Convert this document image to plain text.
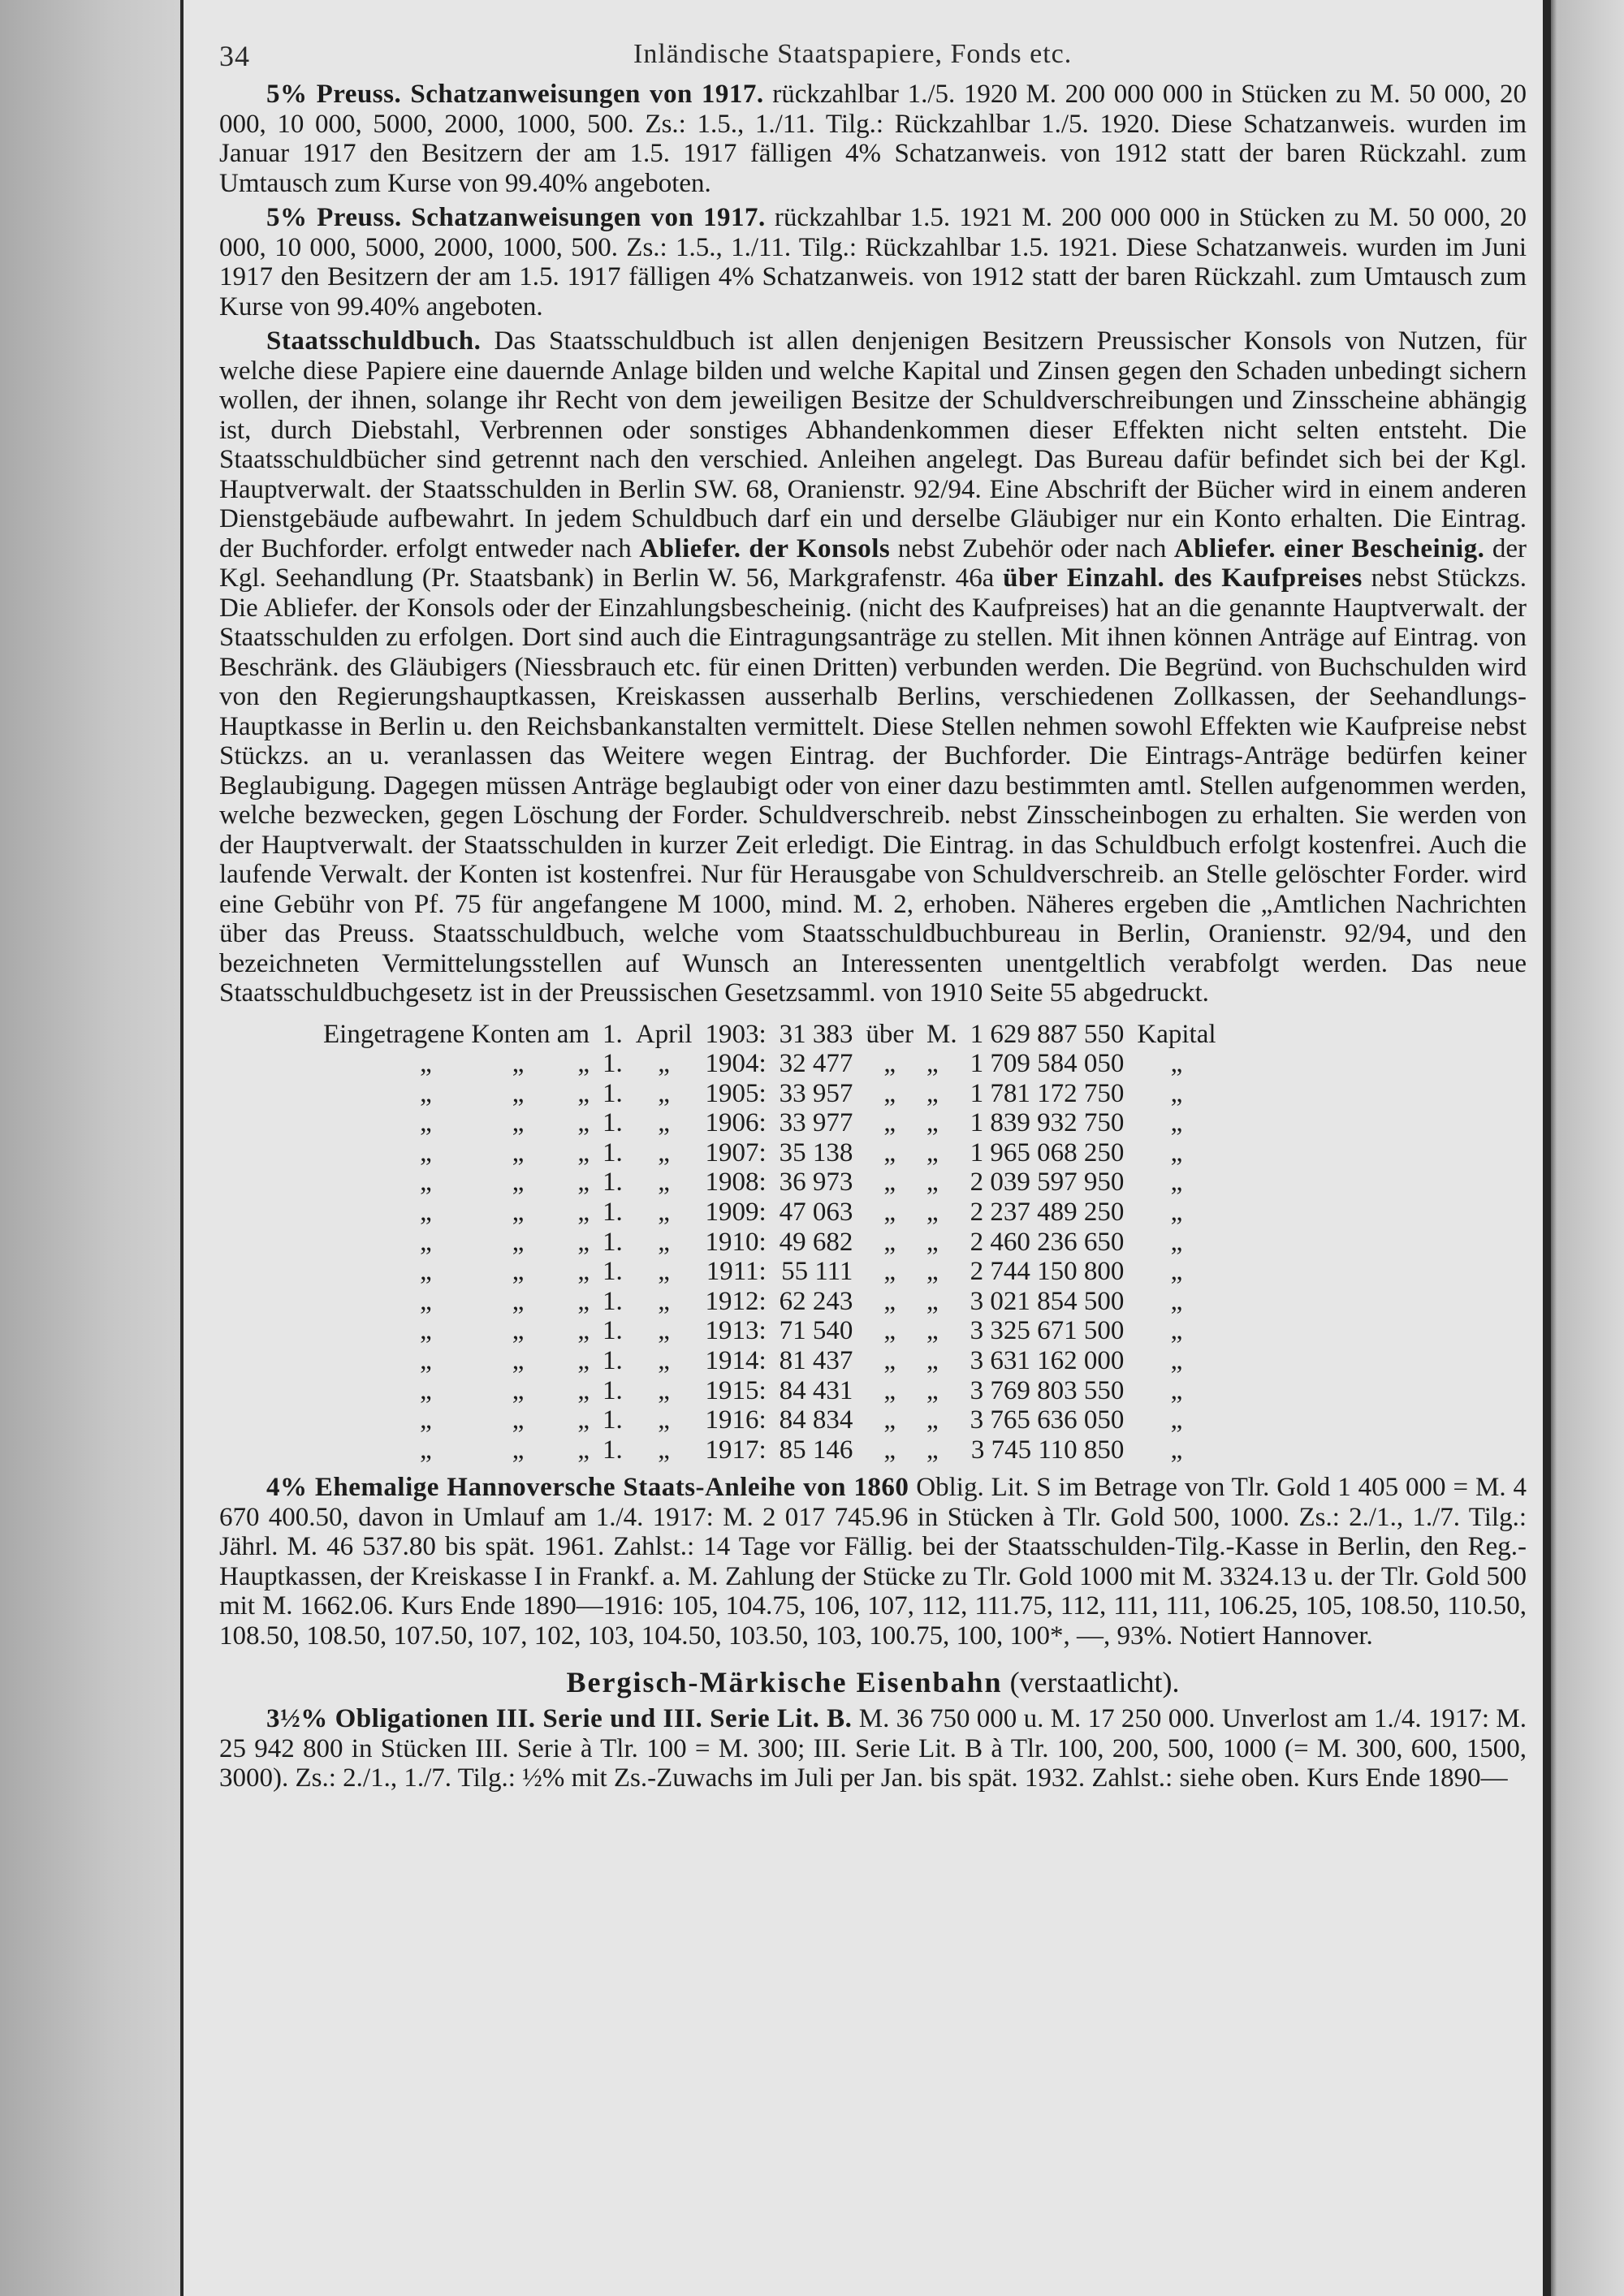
34	Inländische Staatspapiere, Fonds etc.

5% Preuss. Schatzanweisungen von 1917. rückzahlbar 1./5. 1920 M. 200 000 000 in Stücken zu M. 50 000, 20 000, 10 000, 5000, 2000, 1000, 500. Zs.: 1.5., 1./11. Tilg.: Rückzahlbar 1./5. 1920. Diese Schatzanweis. wurden im Januar 1917 den Besitzern der am 1.5. 1917 fälligen 4% Schatzanweis. von 1912 statt der baren Rückzahl. zum Umtausch zum Kurse von 99.40% angeboten.

5% Preuss. Schatzanweisungen von 1917. rückzahlbar 1.5. 1921 M. 200 000 000 in Stücken zu M. 50 000, 20 000, 10 000, 5000, 2000, 1000, 500. Zs.: 1.5., 1./11. Tilg.: Rückzahlbar 1.5. 1921. Diese Schatzanweis. wurden im Juni 1917 den Besitzern der am 1.5. 1917 fälligen 4% Schatzanweis. von 1912 statt der baren Rückzahl. zum Umtausch zum Kurse von 99.40% angeboten.

Staatsschuldbuch. Das Staatsschuldbuch ist allen denjenigen Besitzern Preussischer Konsols von Nutzen, für welche diese Papiere eine dauernde Anlage bilden und welche Kapital und Zinsen gegen den Schaden unbedingt sichern wollen, der ihnen, solange ihr Recht von dem jeweiligen Besitze der Schuldverschreibungen und Zinsscheine abhängig ist, durch Diebstahl, Verbrennen oder sonstiges Abhandenkommen dieser Effekten nicht selten entsteht. Die Staatsschuldbücher sind getrennt nach den verschied. Anleihen angelegt. Das Bureau dafür befindet sich bei der Kgl. Hauptverwalt. der Staatsschulden in Berlin SW. 68, Oranienstr. 92/94. Eine Abschrift der Bücher wird in einem anderen Dienstgebäude aufbewahrt. In jedem Schuldbuch darf ein und derselbe Gläubiger nur ein Konto erhalten. Die Eintrag. der Buchforder. erfolgt entweder nach Abliefer. der Konsols nebst Zubehör oder nach Abliefer. einer Bescheinig. der Kgl. Seehandlung (Pr. Staatsbank) in Berlin W. 56, Markgrafenstr. 46a über Einzahl. des Kaufpreises nebst Stückzs. Die Abliefer. der Konsols oder der Einzahlungsbescheinig. (nicht des Kaufpreises) hat an die genannte Hauptverwalt. der Staatsschulden zu erfolgen. Dort sind auch die Eintragungsanträge zu stellen. Mit ihnen können Anträge auf Eintrag. von Beschränk. des Gläubigers (Niessbrauch etc. für einen Dritten) verbunden werden. Die Begründ. von Buchschulden wird von den Regierungshauptkassen, Kreiskassen ausserhalb Berlins, verschiedenen Zollkassen, der Seehandlungs-Hauptkasse in Berlin u. den Reichsbankanstalten vermittelt. Diese Stellen nehmen sowohl Effekten wie Kaufpreise nebst Stückzs. an u. veranlassen das Weitere wegen Eintrag. der Buchforder. Die Eintrags-Anträge bedürfen keiner Beglaubigung. Dagegen müssen Anträge beglaubigt oder von einer dazu bestimmten amtl. Stellen aufgenommen werden, welche bezwecken, gegen Löschung der Forder. Schuldverschreib. nebst Zinsscheinbogen zu erhalten. Sie werden von der Hauptverwalt. der Staatsschulden in kurzer Zeit erledigt. Die Eintrag. in das Schuldbuch erfolgt kostenfrei. Auch die laufende Verwalt. der Konten ist kostenfrei. Nur für Herausgabe von Schuldverschreib. an Stelle gelöschter Forder. wird eine Gebühr von Pf. 75 für angefangene M 1000, mind. M. 2, erhoben. Näheres ergeben die „Amtlichen Nachrichten über das Preuss. Staatsschuldbuch, welche vom Staatsschuldbuchbureau in Berlin, Oranienstr. 92/94, und den bezeichneten Vermittelungsstellen auf Wunsch an Interessenten unentgeltlich verabfolgt werden. Das neue Staatsschuldbuchgesetz ist in der Preussischen Gesetzsamml. von 1910 Seite 55 abgedruckt.

Eingetragene Konten am	1.	April	1903:	31 383	über	M.	1 629 887 550	Kapital
„   „  „	1.	„	1904:	32 477	„	„	1 709 584 050	„
„   „  „	1.	„	1905:	33 957	„	„	1 781 172 750	„
„   „  „	1.	„	1906:	33 977	„	„	1 839 932 750	„
„   „  „	1.	„	1907:	35 138	„	„	1 965 068 250	„
„   „  „	1.	„	1908:	36 973	„	„	2 039 597 950	„
„   „  „	1.	„	1909:	47 063	„	„	2 237 489 250	„
„   „  „	1.	„	1910:	49 682	„	„	2 460 236 650	„
„   „  „	1.	„	1911:	55 111	„	„	2 744 150 800	„
„   „  „	1.	„	1912:	62 243	„	„	3 021 854 500	„
„   „  „	1.	„	1913:	71 540	„	„	3 325 671 500	„
„   „  „	1.	„	1914:	81 437	„	„	3 631 162 000	„
„   „  „	1.	„	1915:	84 431	„	„	3 769 803 550	„
„   „  „	1.	„	1916:	84 834	„	„	3 765 636 050	„
„   „  „	1.	„	1917:	85 146	„	„	3 745 110 850	„

4% Ehemalige Hannoversche Staats-Anleihe von 1860 Oblig. Lit. S im Betrage von Tlr. Gold 1 405 000 = M. 4 670 400.50, davon in Umlauf am 1./4. 1917: M. 2 017 745.96 in Stücken à Tlr. Gold 500, 1000. Zs.: 2./1., 1./7. Tilg.: Jährl. M. 46 537.80 bis spät. 1961. Zahlst.: 14 Tage vor Fällig. bei der Staatsschulden-Tilg.-Kasse in Berlin, den Reg.-Hauptkassen, der Kreiskasse I in Frankf. a. M. Zahlung der Stücke zu Tlr. Gold 1000 mit M. 3324.13 u. der Tlr. Gold 500 mit M. 1662.06. Kurs Ende 1890—1916: 105, 104.75, 106, 107, 112, 111.75, 112, 111, 111, 106.25, 105, 108.50, 110.50, 108.50, 108.50, 107.50, 107, 102, 103, 104.50, 103.50, 103, 100.75, 100, 100*, —, 93%. Notiert Hannover.

Bergisch-Märkische Eisenbahn (verstaatlicht).

3½% Obligationen III. Serie und III. Serie Lit. B. M. 36 750 000 u. M. 17 250 000. Unverlost am 1./4. 1917: M. 25 942 800 in Stücken III. Serie à Tlr. 100 = M. 300; III. Serie Lit. B à Tlr. 100, 200, 500, 1000 (= M. 300, 600, 1500, 3000). Zs.: 2./1., 1./7. Tilg.: ½% mit Zs.-Zuwachs im Juli per Jan. bis spät. 1932. Zahlst.: siehe oben. Kurs Ende 1890—
